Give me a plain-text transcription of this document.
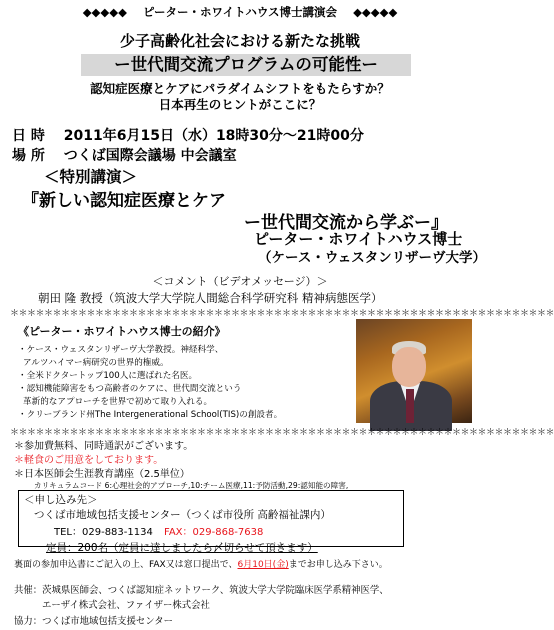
◆◆◆◆◆ ピーター・ホワイトハウス博士講演会 ◆◆◆◆◆
少子高齢化社会における新たな挑戦
ー世代間交流プログラムの可能性ー
認知症医療とケアにパラダイムシフトをもたらすか？
日本再生のヒントがここに？
日 時 2011年6月15日（水）18時30分～21時00分
場 所 つくば国際会議場 中会議室
＜特別講演＞
『新しい認知症医療とケア
ー世代間交流から学ぶー』
ピーター・ホワイトハウス博士
（ケース・ウェスタンリザーヴ大学）
＜コメント（ビデオメッセージ）＞
朝田 隆 教授（筑波大学大学院人間総合科学研究科 精神病態医学）
＊＊＊＊＊＊＊＊＊＊＊＊＊＊＊＊＊＊＊＊＊＊＊＊＊＊＊＊＊＊＊＊＊＊＊＊＊＊＊＊＊＊＊＊＊＊＊＊＊＊＊＊＊＊＊＊＊＊＊＊＊＊＊＊
《ピーター・ホワイトハウス博士の紹介》
・ケース・ウェスタンリザーヴ大学教授。神経科学、
アルツハイマー病研究の世界的権威。
・全米ドクタートップ100人に選ばれた名医。
・認知機能障害をもつ高齢者のケアに、世代間交流という
革新的なアプローチを世界で初めて取り入れる。
・クリーブランド州The Intergenerational School(TIS)の創設者。
＊＊＊＊＊＊＊＊＊＊＊＊＊＊＊＊＊＊＊＊＊＊＊＊＊＊＊＊＊＊＊＊＊＊＊＊＊＊＊＊＊＊＊＊＊＊＊＊＊＊＊＊＊＊＊＊＊＊＊＊＊＊＊＊
＊参加費無料、同時通訳がございます。
＊軽食のご用意をしております。
＊日本医師会生涯教育講座（2.5単位）
カリキュラムコード 6:心理社会的アプローチ,10:チーム医療,11:予防活動,29:認知能の障害,
＜申し込み先＞
つくば市地域包括支援センター（つくば市役所 高齢福祉課内）
TEL：029-883-1134 FAX：029-868-7638
定員：200名（定員に達しましたら〆切らせて頂きます）
裏面の参加申込書にご記入の上、FAX又は窓口提出で、6月10日(金)までお申し込み下さい。
共催：茨城県医師会、つくば認知症ネットワーク、筑波大学大学院臨床医学系精神医学、
エーザイ株式会社、ファイザー株式会社
協力：つくば市地域包括支援センター
